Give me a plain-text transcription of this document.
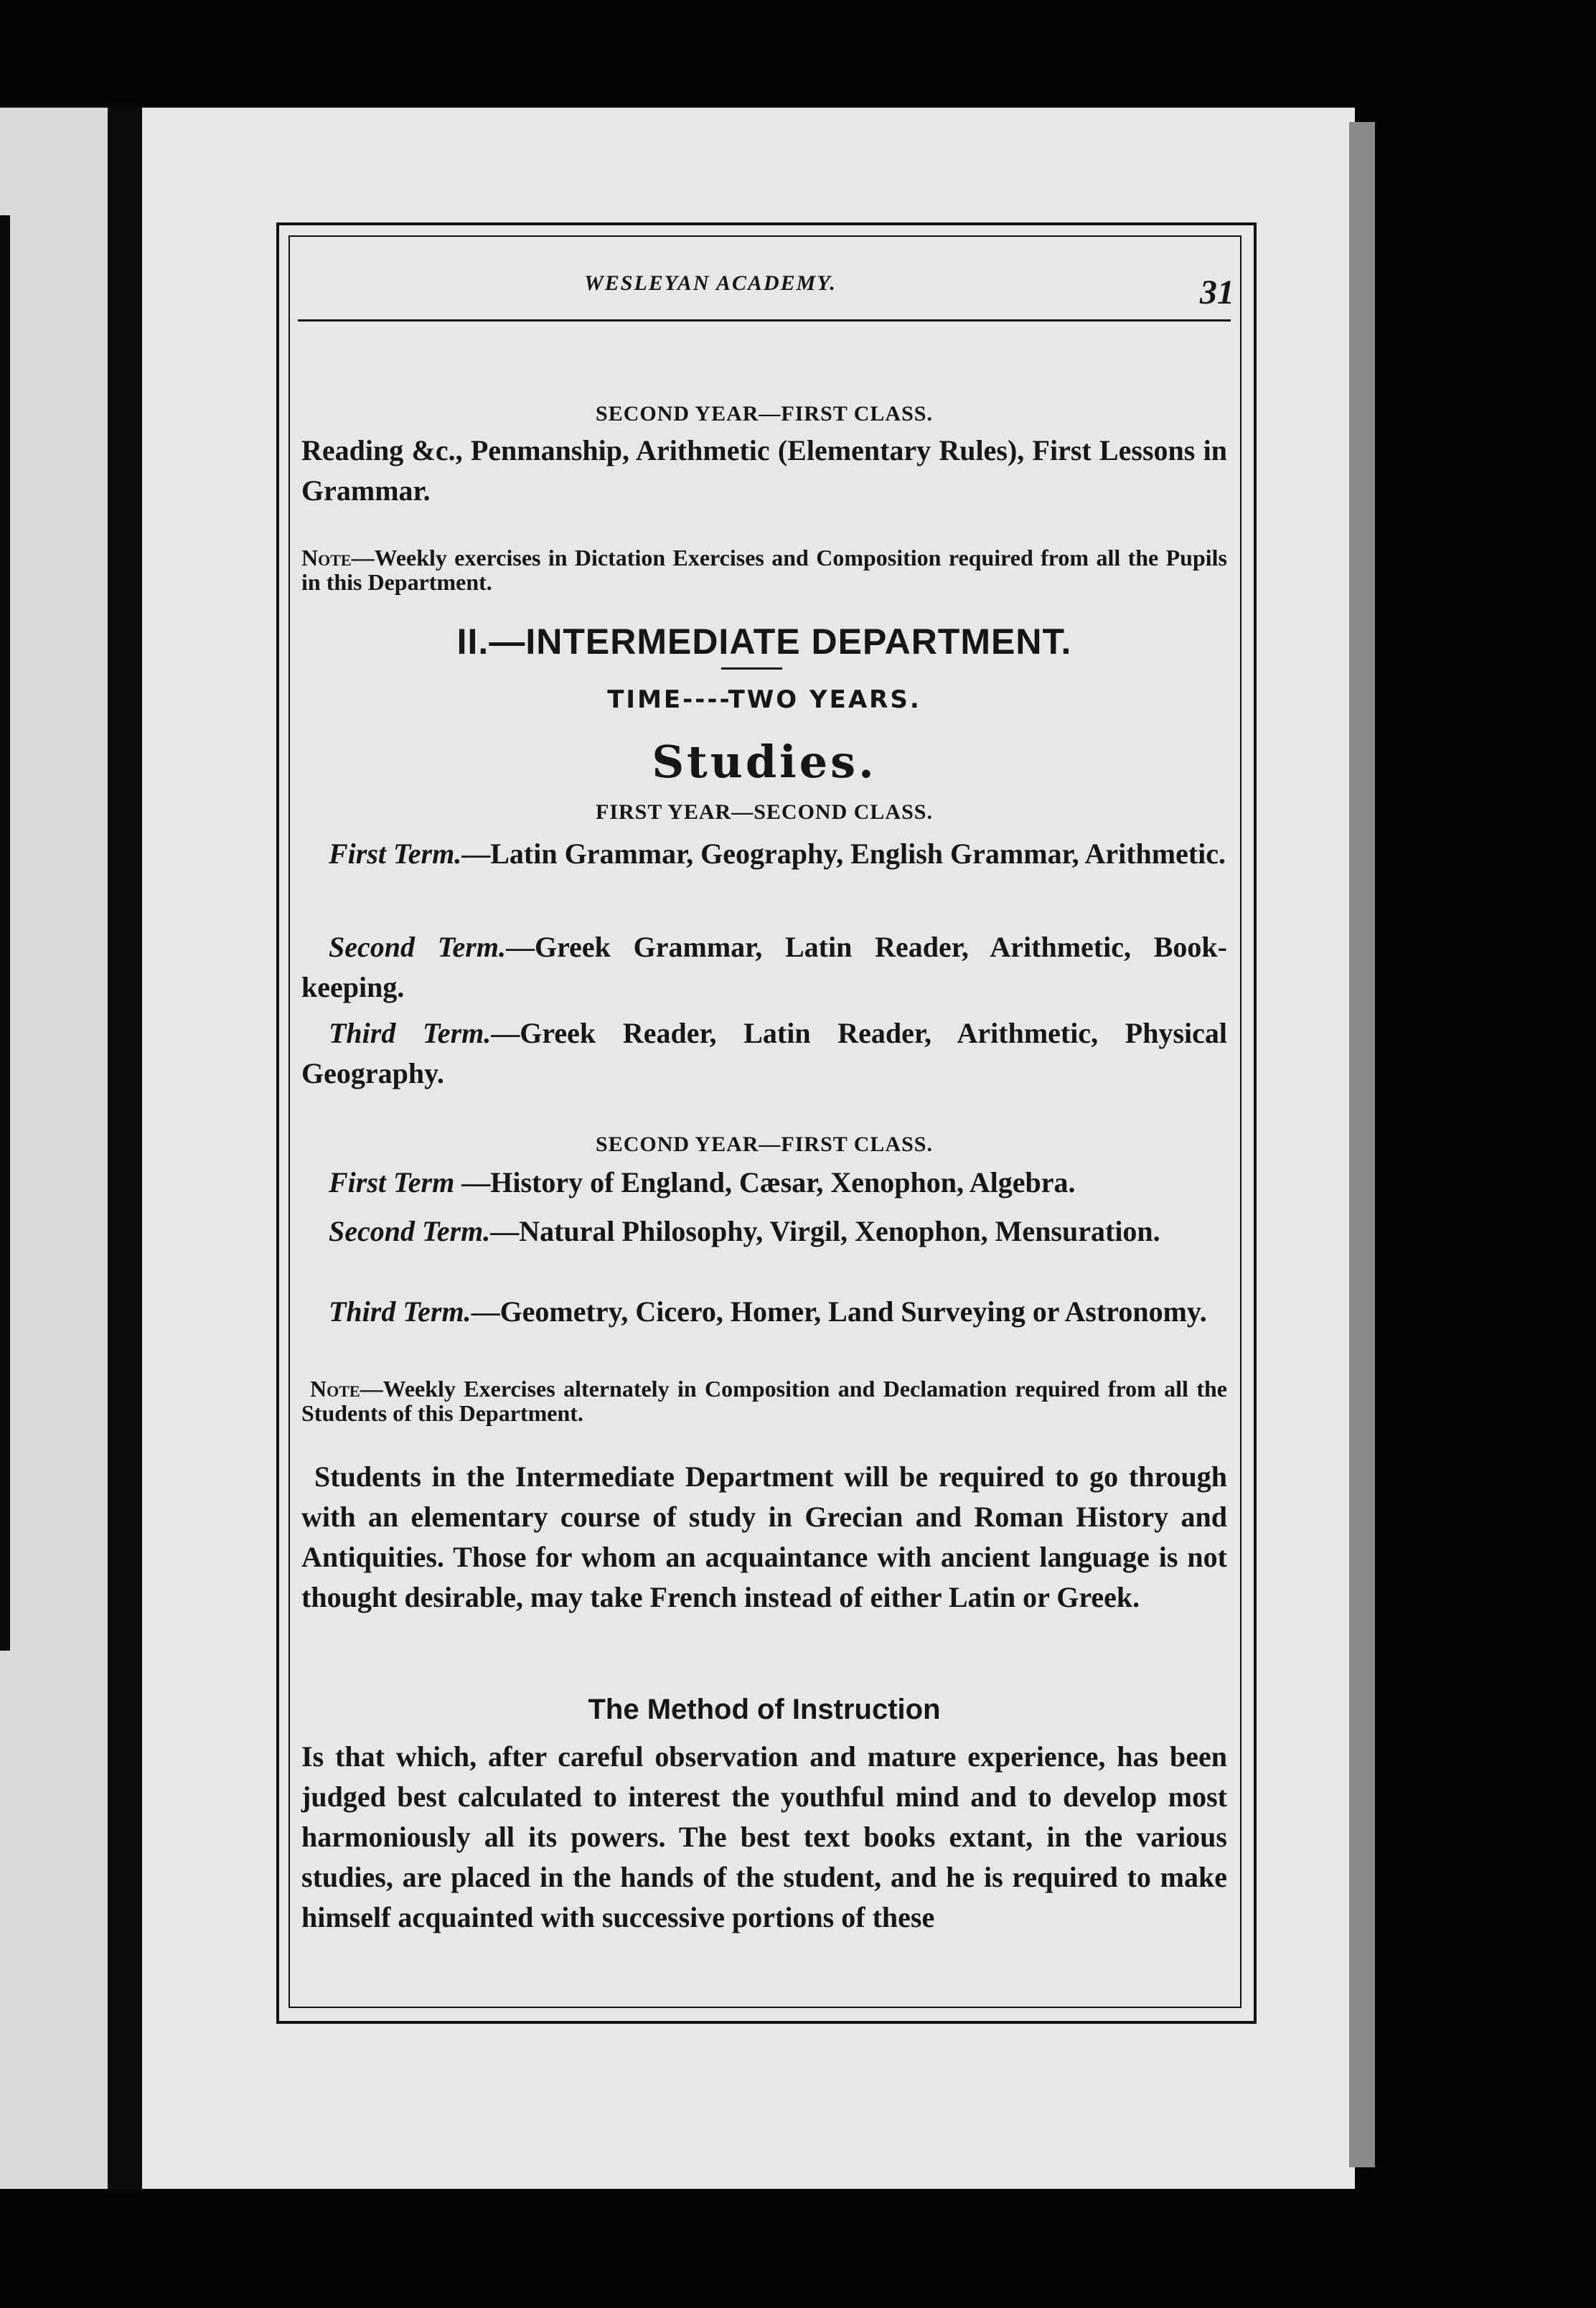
WESLEYAN ACADEMY.	31
SECOND YEAR—FIRST CLASS.
Reading &c., Penmanship, Arithmetic (Elementary Rules), First Lessons in Grammar.
Note—Weekly exercises in Dictation Exercises and Composition required from all the Pupils in this Department.
II.—INTERMEDIATE DEPARTMENT.
TIME----TWO YEARS.
Studies.
FIRST YEAR—SECOND CLASS.
First Term.—Latin Grammar, Geography, English Grammar, Arithmetic.
Second Term.—Greek Grammar, Latin Reader, Arithmetic, Book-keeping.
Third Term.—Greek Reader, Latin Reader, Arithmetic, Physical Geography.
SECOND YEAR—FIRST CLASS.
First Term —History of England, Cæsar, Xenophon, Algebra.
Second Term.—Natural Philosophy, Virgil, Xenophon, Mensuration.
Third Term.—Geometry, Cicero, Homer, Land Surveying or Astronomy.
Note—Weekly Exercises alternately in Composition and Declamation required from all the Students of this Department.
Students in the Intermediate Department will be required to go through with an elementary course of study in Grecian and Roman History and Antiquities. Those for whom an acquaintance with ancient language is not thought desirable, may take French instead of either Latin or Greek.
The Method of Instruction
Is that which, after careful observation and mature experience, has been judged best calculated to interest the youthful mind and to develop most harmoniously all its powers. The best text books extant, in the various studies, are placed in the hands of the student, and he is required to make himself acquainted with successive portions of these
